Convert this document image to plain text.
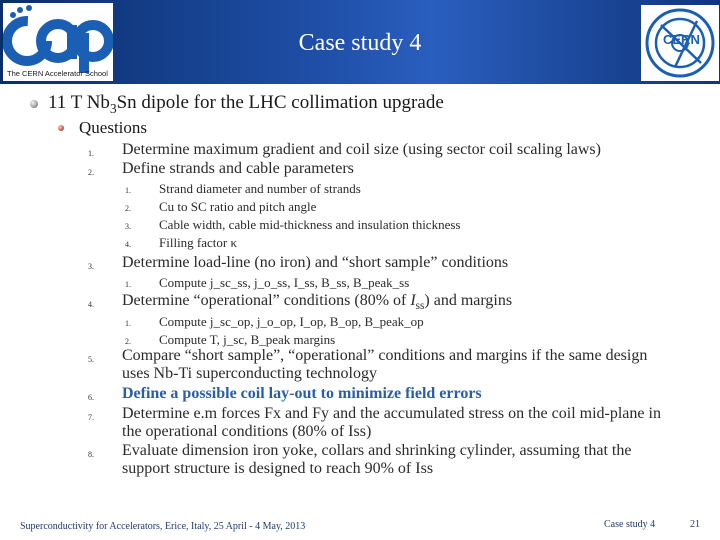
The CERN Accelerator School
Case study 4	CERN
11 T $Nb_3Sn$ dipole for the LHC collimation upgrade
Questions
1. Determine maximum gradient and coil size (using sector coil scaling laws)
2. Define strands and cable parameters
1. Strand diameter and number of strands
2. Cu to SC ratio and pitch angle
3. Cable width, cable mid-thickness and insulation thickness
4. Filling factor κ
3. Determine load-line (no iron) and “short sample” conditions
1. Compute j_sc_ss, j_o_ss, I_ss, B_ss, B_peak_ss
4. Determine “operational” conditions (80% of $I_{ss}$) and margins
1. Compute j_sc_op, j_o_op, I_op, B_op, B_peak_op
2. Compute T, j_sc, B_peak margins
5. Compare “short sample”, “operational” conditions and margins if the same design
uses Nb-Ti superconducting technology
6. Define a possible coil lay-out to minimize field errors
7. Determine e.m forces Fx and Fy and the accumulated stress on the coil mid-plane in
the operational conditions (80% of Iss)
8. Evaluate dimension iron yoke, collars and shrinking cylinder, assuming that the
support structure is designed to reach 90% of Iss
Superconductivity for Accelerators, Erice, Italy, 25 April - 4 May, 2013	Case study 4	21
